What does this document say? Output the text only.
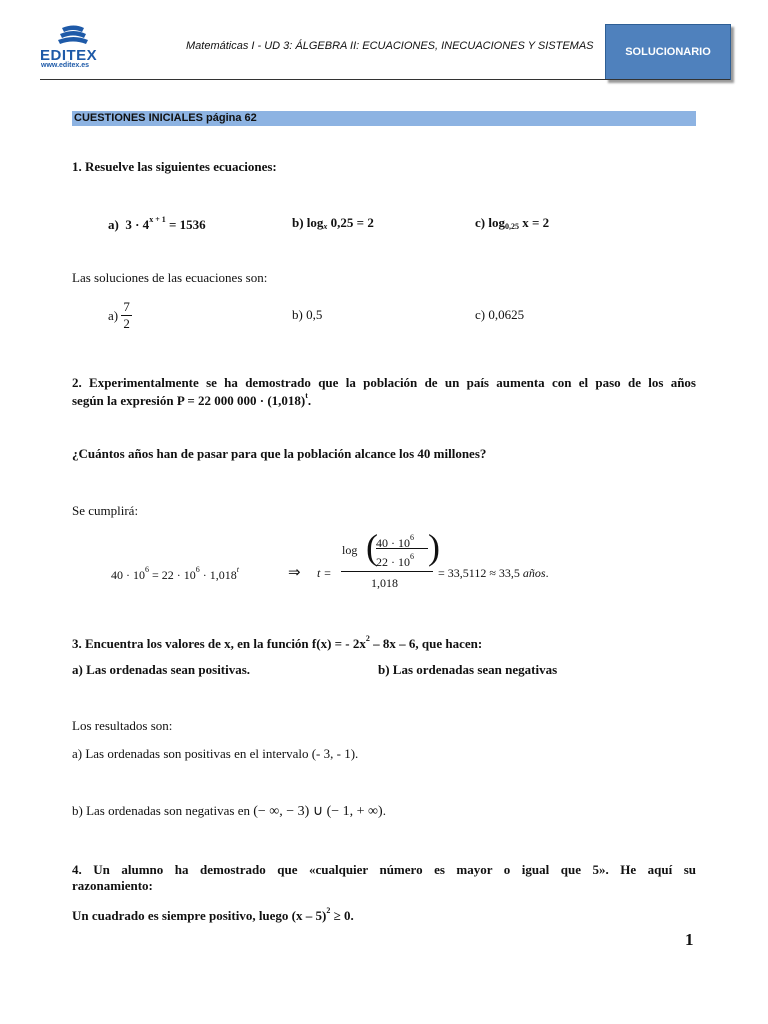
EDITEX
www.editex.es
Matemáticas I - UD 3: ÁLGEBRA II: ECUACIONES, INECUACIONES Y SISTEMAS	SOLUCIONARIO
CUESTIONES INICIALES página 62
1. Resuelve las siguientes ecuaciones:
a) $3 \cdot 4^{x + 1} = 1536$	b) $\log_x 0,25 = 2$	c) $\log_{0,25} x = 2$
Las soluciones de las ecuaciones son:
a)
$\frac{7}{2}$	b) 0,5	c) 0,0625
2. Experimentalmente se ha demostrado que la población de un país aumenta con el paso de los años
según la expresión P = 22 000 $000 \cdot (1,018)^t$.
¿Cuántos años han de pasar para que la población alcance los 40 millones?
Se cumplirá:
$40 \cdot 10^6 = 22 \cdot 10^6 \cdot 1,018^t$	⇒ t =
log (
$40 \cdot 10^6$
$22 \cdot 10^6$ )
1,018
= 33,5112 ≈ 33,5 años.
3. Encuentra los valores de x, en la función f(x) = - $2x^2 - 8x - 6$, que hacen:
a) Las ordenadas sean positivas.	b) Las ordenadas sean negativas
Los resultados son:
a) Las ordenadas son positivas en el intervalo (- 3, - 1).
b) Las ordenadas son negativas en (− ∞, − 3) ∪ (− 1, + ∞).
4. Un alumno ha demostrado que «cualquier número es mayor o igual que 5». He aquí su
razonamiento:
Un cuadrado es siempre positivo, luego (x – 5)$^2$ ≥ 0.
1
